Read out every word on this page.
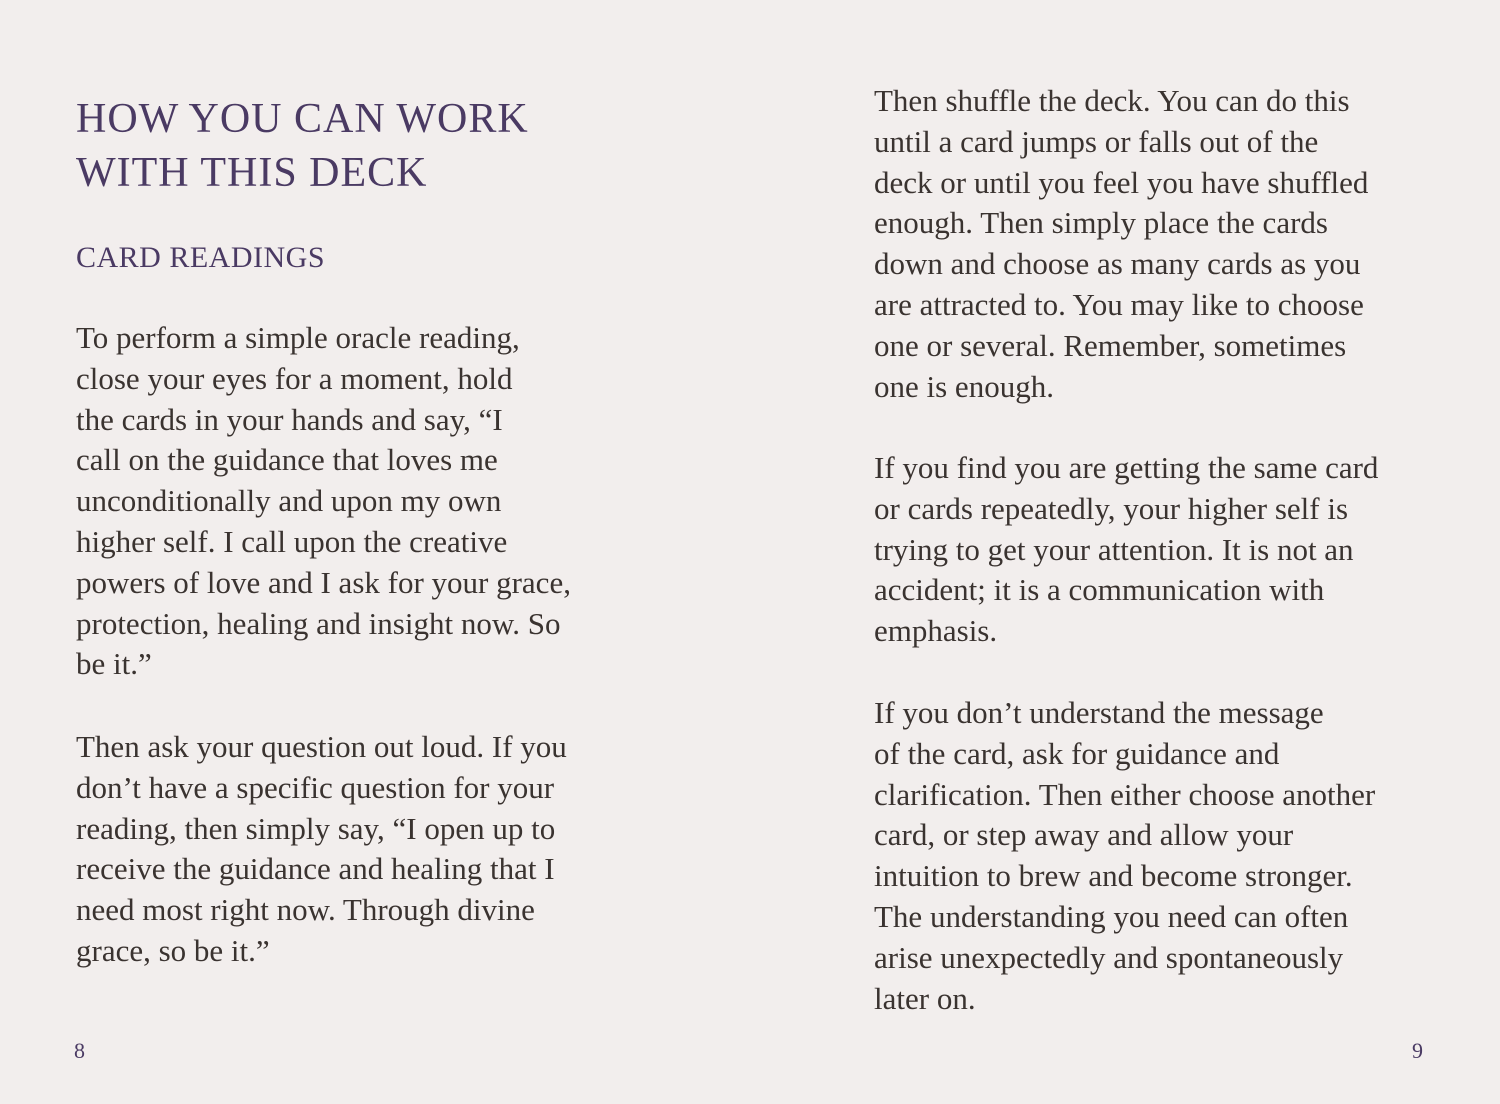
HOW YOU CAN WORK
WITH THIS DECK
CARD READINGS

To perform a simple oracle reading,
close your eyes for a moment, hold
the cards in your hands and say, “I
call on the guidance that loves me
unconditionally and upon my own
higher self. I call upon the creative
powers of love and I ask for your grace,
protection, healing and insight now. So
be it.”

Then ask your question out loud. If you
don’t have a specific question for your
reading, then simply say, “I open up to
receive the guidance and healing that I
need most right now. Through divine
grace, so be it.”

8

Then shuffle the deck. You can do this
until a card jumps or falls out of the
deck or until you feel you have shuffled
enough. Then simply place the cards
down and choose as many cards as you
are attracted to. You may like to choose
one or several. Remember, sometimes
one is enough.

If you find you are getting the same card
or cards repeatedly, your higher self is
trying to get your attention. It is not an
accident; it is a communication with
emphasis.

If you don’t understand the message
of the card, ask for guidance and
clarification. Then either choose another
card, or step away and allow your
intuition to brew and become stronger.
The understanding you need can often
arise unexpectedly and spontaneously
later on.

9
